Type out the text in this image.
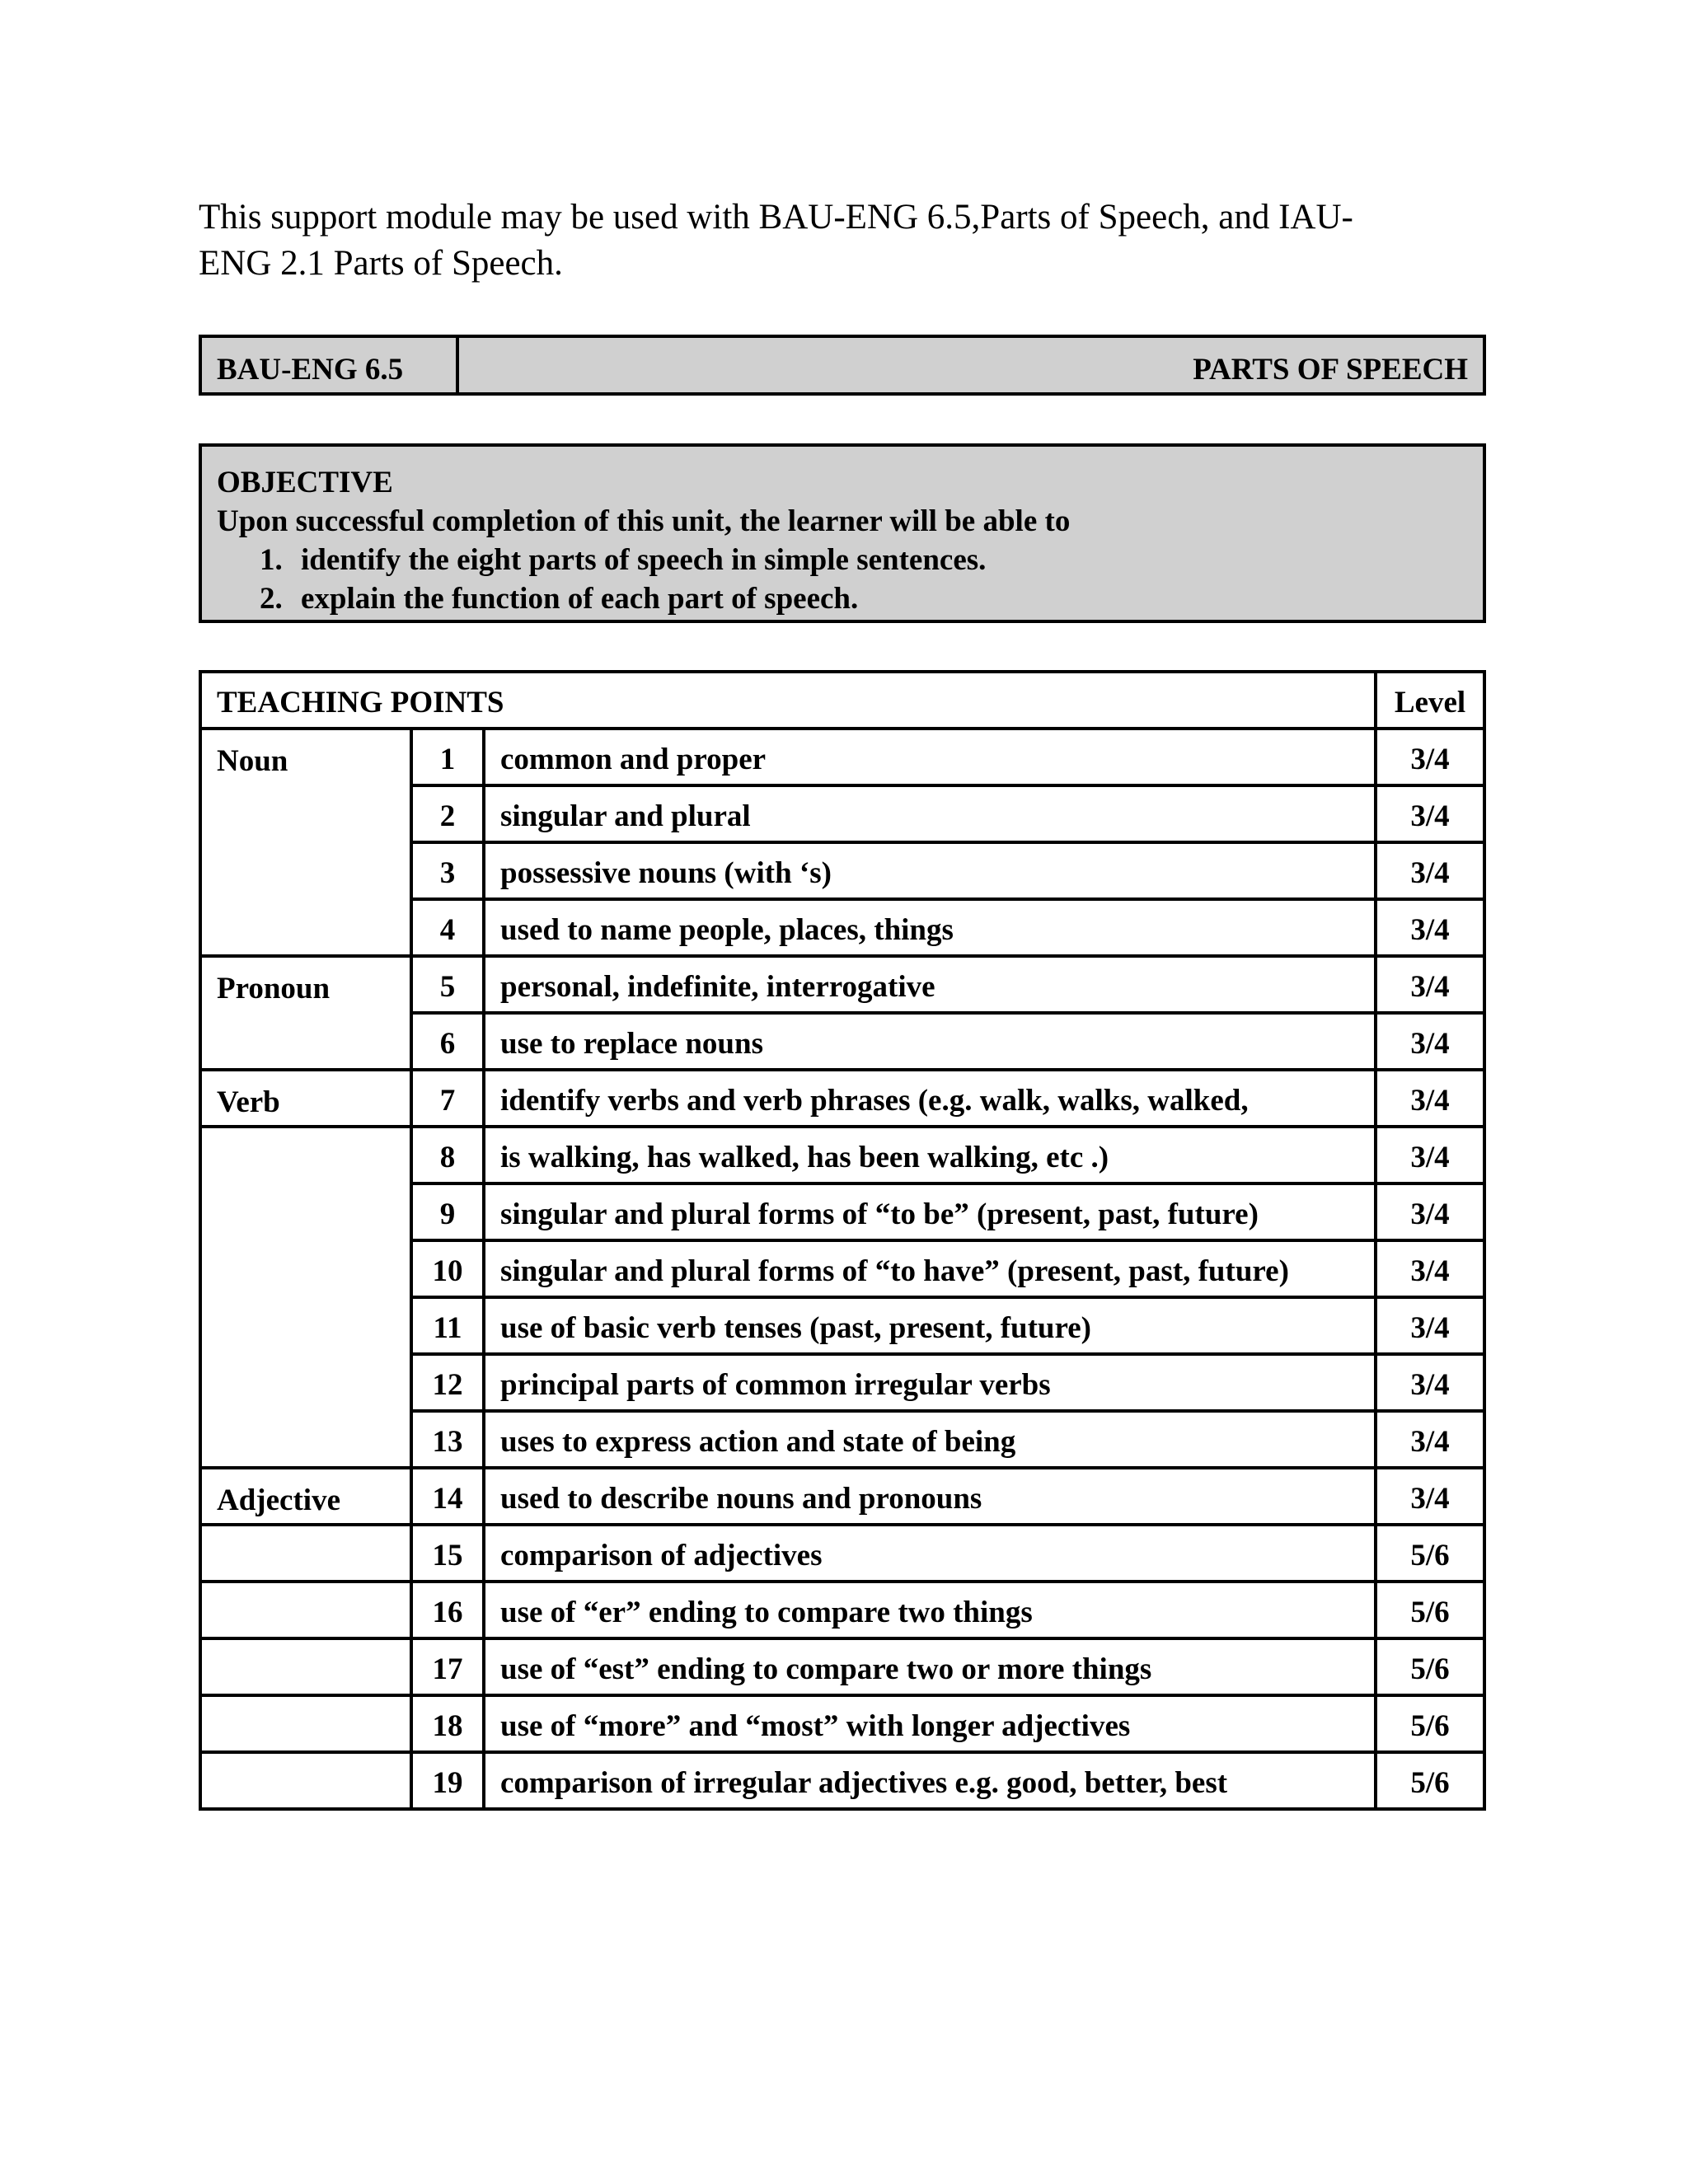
This support module may be used with BAU-ENG 6.5,Parts of Speech, and IAU-
ENG 2.1 Parts of Speech.
BAU-ENG 6.5	PARTS OF SPEECH
OBJECTIVE
Upon successful completion of this unit, the learner will be able to
1. identify the eight parts of speech in simple sentences.
2. explain the function of each part of speech.
TEACHING POINTS			Level
Noun	1	common and proper	3/4
	2	singular and plural	3/4
	3	possessive nouns (with ‘s)	3/4
	4	used to name people, places, things	3/4
Pronoun	5	personal, indefinite, interrogative	3/4
	6	use to replace nouns	3/4
Verb	7	identify verbs and verb phrases (e.g. walk, walks, walked,	3/4
	8	is walking, has walked, has been walking, etc .)	3/4
	9	singular and plural forms of “to be” (present, past, future)	3/4
	10	singular and plural forms of “to have” (present, past, future)	3/4
	11	use of basic verb tenses (past, present, future)	3/4
	12	principal parts of common irregular verbs	3/4
	13	uses to express action and state of being	3/4
Adjective	14	used to describe nouns and pronouns	3/4
	15	comparison of adjectives	5/6
	16	use of “er” ending to compare two things	5/6
	17	use of “est” ending to compare two or more things	5/6
	18	use of “more” and “most” with longer adjectives	5/6
	19	comparison of irregular adjectives e.g. good, better, best	5/6
